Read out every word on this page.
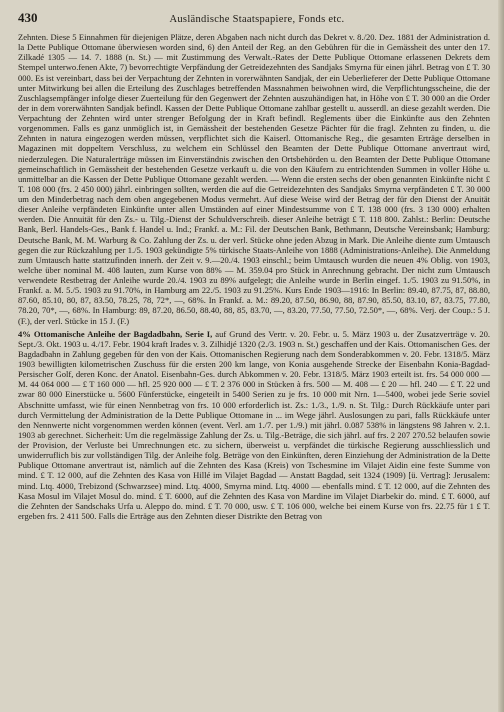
430	Ausländische Staatspapiere, Fonds etc.

Zehnten. Diese 5 Einnahmen für diejenigen Plätze, deren Abgaben nach nicht durch das Dekret v. 8./20. Dez. 1881 der Administration d. la Dette Publique Ottomane überwiesen worden sind, 6) den Anteil der Reg. an den Gebühren für die in Gemässheit des unter den 17. Zilkadé 1305 — 14. 7. 1888 (n. St.) — mit Zustimmung des Verwalt.-Rates der Dette Publique Ottomane erlassenen Dekrets dem Stempel unterwo.fenen Akte, 7) bevorrechtigte Verpfändung der Getreidezehnten des Sandjaks Smyrna für einen jährl. Betrag von £ T. 30 000. Es ist vereinbart, dass bei der Verpachtung der Zehnten in vorerwähnten Sandjak, der ein Ueberlieferer der Dette Publique Ottomane unter Mitwirkung bei allen die Erteilung des Zuschlages betreffenden Massnahmen beiwohnen wird, die Verpflichtungsscheine, die der Zuschlagsempfänger infolge dieser Zuerteilung für den Gegenwert der Zehnten auszuhändigen hat, in Höhe von £ T. 30 000 an die Order der in dem vorerwähnten Sandjak befindl. Kassen der Dette Publique Ottomane zahlbar gestellt u. ausserdl. an diese gezahlt werden. Die Verpachtung der Zehnten wird unter strenger Befolgung der in Kraft befindl. Reglements über die Einkünfte aus den Zehnten vorgenommen. Falls es ganz unmöglich ist, in Gemässheit der bestehenden Gesetze Pächter für die fragl. Zehnten zu finden, u. die Zehnten in natura eingezogen werden müssen, verpflichtet sich die Kaiserl. Ottomanische Reg., die gesamten Erträge derselben in Magazinen mit doppeltem Verschluss, zu welchem ein Schlüssel den Beamten der Dette Publique Ottomane anvertraut wird, niederzulegen. Die Naturalerträge müssen im Einverständnis zwischen den Ortsbehörden u. den Beamten der Dette Publique Ottomane gemeinschaftlich in Gemässheit der bestehenden Gesetze verkauft u. die von den Käufern zu entrichtenden Summen in voller Höhe u. unmittelbar an die Kassen der Dette Publique Ottomane gezahlt werden. — Wenn die ersten sechs der oben genannten Einkünfte nicht £ T. 108 000 (frs. 2 450 000) jährl. einbringen sollten, werden die auf die Getreidezehnten des Sandjaks Smyrna verpfändeten £ T. 30 000 um den Minderbetrag nach dem oben angegebenen Modus vermehrt. Auf diese Weise wird der Betrag der für den Dienst der Anuität dieser Anleihe verpfändeten Einkünfte unter allen Umständen auf einer Mindestsumme von £ T. 138 000 (frs. 3 130 000) erhalten werden. Die Annuität für den Zs.- u. Tilg.-Dienst der Schuldverschreib. dieser Anleihe beträgt £ T. 118 800. Zahlst.: Berlin: Deutsche Bank, Berl. Handels-Ges., Bank f. Handel u. Ind.; Frankf. a. M.: Fil. der Deutschen Bank, Bethmann, Deutsche Vereinsbank; Hamburg: Deutsche Bank, M. M. Warburg & Co. Zahlung der Zs. u. der verl. Stücke ohne jeden Abzug in Mark. Die Anleihe diente zum Umtausch gegen die zur Rückzahlung per 1./5. 1903 gekündigte 5% türkische Staats-Anleihe von 1888 (Administrations-Anleihe). Die Anmeldung zum Umtausch hatte stattzufinden innerh. der Zeit v. 9.—20./4. 1903 einschl.; beim Umtausch wurden die neuen 4% Oblig. von 1903, welche über nominal M. 408 lauten, zum Kurse von 88% — M. 359.04 pro Stück in Anrechnung gebracht. Der nicht zum Umtausch verwendete Restbetrag der Anleihe wurde 20./4. 1903 zu 89% aufgelegt; die Anleihe wurde in Berlin eingef. 1./5. 1903 zu 91.50%, in Frankf. a. M. 5./5. 1903 zu 91.70%, in Hamburg am 22./5. 1903 zu 91.25%. Kurs Ende 1903—1916: In Berlin: 89.40, 87.75, 87, 88.80, 87.60, 85.10, 80, 87, 83.50, 78.25, 78, 72*, —, 68%. In Frankf. a. M.: 89.20, 87.50, 86.90, 88, 87.90, 85.50, 83.10, 87, 83.75, 77.80, 78.20, 70*, —, 68%. In Hamburg: 89, 87.20, 86.50, 88.40, 88, 85, 83.70, —, 83.20, 77.50, 77.50, 72.50*, —, 68%. Verj. der Coup.: 5 J. (F.), der verl. Stücke in 15 J. (F.)

4% Ottomanische Anleihe der Bagdadbahn, Serie I, auf Grund des Vertr. v. 20. Febr. u. 5. März 1903 u. der Zusatzverträge v. 20. Sept./3. Okt. 1903 u. 4./17. Febr. 1904 kraft Irades v. 3. Zilhidjé 1320 (2./3. 1903 n. St.) geschaffen und der Kais. Ottomanischen Ges. der Bagdadbahn in Zahlung gegeben für den von der Kais. Ottomanischen Regierung nach dem Sonderabkommen v. 20. Febr. 1318/5. März 1903 bewilligten kilometrischen Zuschuss für die ersten 200 km lange, von Konia ausgehende Strecke der Eisenbahn Konia-Bagdad-Persischer Golf, deren Konc. der Anatol. Eisenbahn-Ges. durch Abkommen v. 20. Febr. 1318/5. März 1903 erteilt ist. frs. 54 000 000 — M. 44 064 000 — £ T 160 000 — hfl. 25 920 000 — £ T. 2 376 000 in Stücken à frs. 500 — M. 408 — £ 20 — hfl. 240 — £ T. 22 und zwar 80 000 Einerstücke u. 5600 Fünferstücke, eingeteilt in 5400 Serien zu je frs. 10 000 mit Nrn. 1—5400, wobei jede Serie soviel Abschnitte umfasst, wie für einen Nennbetrag von frs. 10 000 erforderlich ist. Zs.: 1./3., 1./9. n. St. Tilg.: Durch Rückkäufe unter pari durch Vermittelung der Administration de la Dette Publique Ottomane in ... im Wege jährl. Auslosungen zu pari, falls Rückkäufe unter den Nennwerte nicht vorgenommen werden können (event. Verl. am 1./7. per 1./9.) mit jährl. 0.087 538% in längstens 98 Jahren v. 2.1. 1903 ab gerechnet. Sicherheit: Um die regelmässige Zahlung der Zs. u. Tilg.-Beträge, die sich jährl. auf frs. 2 207 270.52 belaufen sowie der Provision, der Verluste bei Umrechnungen etc. zu sichern, überweist u. verpfändet die türkische Regierung ausschliesslich und unwiderruflich bis zur vollständigen Tilg. der Anleihe folg. Beträge von den Einkünften, deren Einziehung der Administration de la Dette Publique Ottomane anvertraut ist, nämlich auf die Zehnten des Kasa (Kreis) von Tschesmine im Vilajet Aidin eine feste Summe von mind. £ T. 12 000, auf die Zehnten des Kasa von Hillé im Vilajet Bagdad — Anstatt Bagdad, seit 1324 (1909) [ü. Vertrag]: Jerusalem: mind. Ltq. 4000, Trebizond (Schwarzsee) mind. Ltq. 4000, Smyrna mind. Ltq. 4000 — ebenfalls mind. £ T. 12 000, auf die Zehnten des Kasa Mosul im Vilajet Mosul do. mind. £ T. 6000, auf die Zehnten des Kasa von Mardine im Vilajet Diarbekir do. mind. £ T. 6000, auf die Zehnten der Sandschaks Urfa u. Aleppo do. mind. £ T. 70 000, usw. £ T. 106 000, welche bei einem Kurse von frs. 22.75 für 1 £ T. ergeben frs. 2 411 500. Falls die Erträge aus den Zehnten dieser Distrikte den Betrag von
